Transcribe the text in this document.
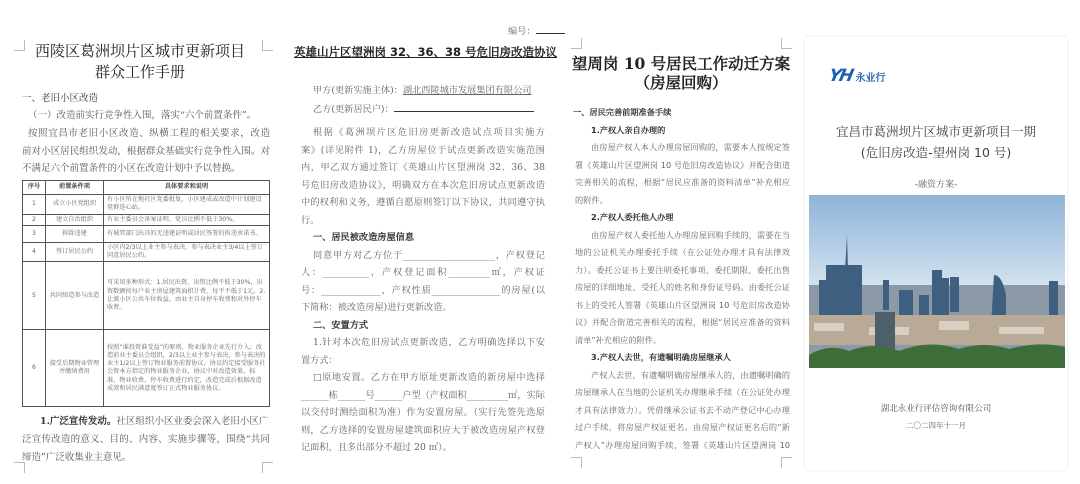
西陵区葛洲坝片区城市更新项目
群众工作手册
一、老旧小区改造
（一）改造前实行竞争性入围，落实“六个前置条件”。
按照宜昌市老旧小区改造、纵横工程的相关要求，改造
前对小区居民组织发动，根据群众基础实行竞争性入围。对
不满足六个前置条件的小区在改造计划中予以替换。
1.广泛宣传发动。社区组织小区业委会深入老旧小区广
泛宣传改造的意义、目的、内容、实施步骤等，围绕“共同
缔造”广泛收集业主意见。
序号	前置条件项	具体要求和说明
1	成立小区党组织	有小区所在地社区党委批复，小区建成或改造中计划建设党群连心站。
2	建立自治组织	有业主委员会备案证明，党员比例不低于30%。
3	拆除违建	有城管部门出具的无违建证明或居民签署的拆违承诺书。
4	签订居民公约	小区内2/3以上业主参与表决，参与表决业主3/4以上签订同意居民公约。
5	共同缔造参与改造	可采用多种形式：1.居民出资，出资比例不低于30%，出资数额按每户业主房屋建筑面积计费，每平不低于1元。2.让渡小区公共车位收益，由业主自身停车收费和对外停车收费。
6	接受后期物业管理并缴纳费用	按照“谁投资谁受益”的原则，物业服务企业先行介入；改造前业主委员会组织，2/3以上业主参与表决，参与表决的业主1/2以上签订物业服务前置协议，协议约定接受服务社会资本方指定的物业服务企业，协议中对改造效果、标准、物业收费、停车收费进行约定，改造完成后根据改造成效和居民满意度签订正式物业服务协议。
编号：
英雄山片区望洲岗 32、36、38 号危旧房改造协议
甲方(更新实施主体)：湖北西陵城市发展集团有限公司
乙方(更新居民户)：
根据《葛洲坝片区危旧房更新改造试点项目实施方
案》(详见附件 1)，乙方房屋位于试点更新改造实施范围
内，甲乙双方通过签订《英雄山片区望洲岗 32、36、38
号危旧房改造协议》，明确双方在本次危旧房试点更新改造
中的权利和义务，遵循自愿原则签订以下协议，共同遵守执
行。
一、居民被改造房屋信息
同意甲方对乙方位于____________________，产权登记
人：__________，产权登记面积_________㎡，产权证
号：_____________，产权性质_______________的房屋(以
下简称：被改造房屋)进行更新改造。
二、安置方式
1.针对本次危旧房试点更新改造，乙方明确选择以下安
置方式：
□原地安置。乙方在甲方原址更新改造的新房屋中选择
______栋______号______户型（产权面积_________㎡，实际
以交付时测绘面积为准）作为安置房屋。（实行先签先选原
则，乙方选择的安置房屋建筑面积应大于被改造房屋产权登
记面积，且多出部分不超过 20 ㎡）。
望周岗 10 号居民工作动迁方案
（房屋回购）
一、居民完善前期准备手续
1.产权人亲自办理的
由房屋产权人本人办理房屋回购的，需要本人按规定签
署《英雄山片区望洲岗 10 号危旧房改造协议》并配合街道
完善相关的流程，根据“居民应准备的资料清单”补充相应
的附件。
2.产权人委托他人办理
由房屋产权人委托他人办理房屋回购手续的，需要在当
地的公证机关办理委托手续（在公证处办理才具有法律效
力）。委托公证书上要注明委托事项、委托期限、委托出售
房屋的详细地址、受托人的姓名和身份证号码。由委托公证
书上的受托人签署《英雄山片区望洲岗 10 号危旧房改造协
议》并配合街道完善相关的流程，根据“居民应准备的资料
清单”补充相应的附件。
3.产权人去世，有遗嘱明确房屋继承人
产权人去世，有遗嘱明确房屋继承人的，由遗嘱明确的
房屋继承人在当地的公证机关办理继承手续（在公证处办理
才具有法律效力）。凭借继承公证书去不动产登记中心办理
过户手续，将房屋产权证更名。由房屋产权证更名后的“新
产权人”办理房屋回购手续，签署《英雄山片区望洲岗 10
YH 永业行
宜昌市葛洲坝片区城市更新项目一期
(危旧房改造-望州岗 10 号)
-融资方案-
湖北永业行评估咨询有限公司
二〇二四年十一月
